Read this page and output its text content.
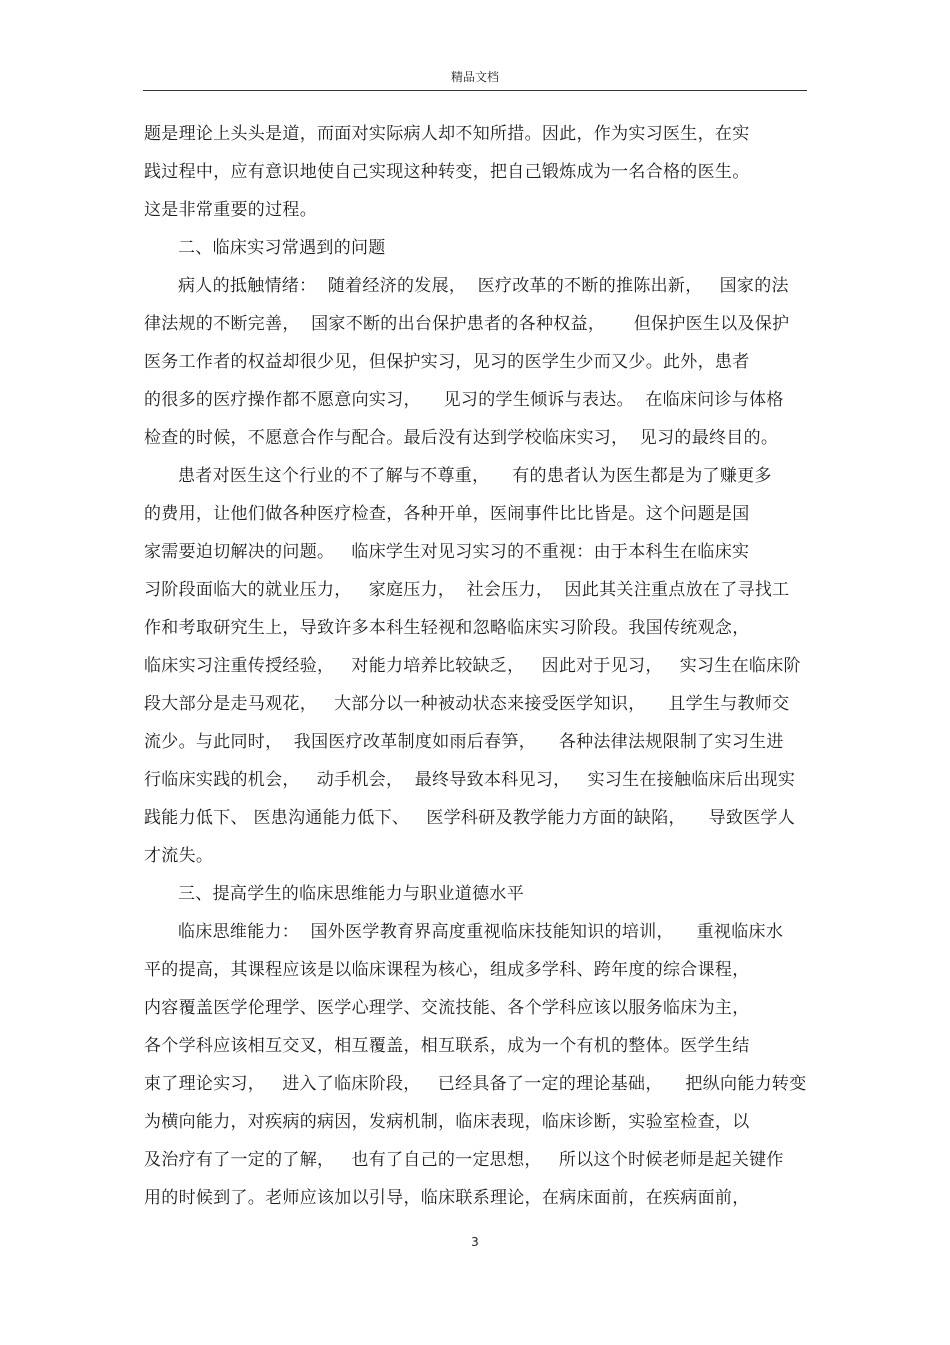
精品文档
题是理论上头头是道，而面对实际病人却不知所措。因此，作为实习医生，在实
践过程中，应有意识地使自己实现这种转变，把自己锻炼成为一名合格的医生。
这是非常重要的过程。
二、临床实习常遇到的问题
病人的抵触情绪：  随着经济的发展，  医疗改革的不断的推陈出新，   国家的法
律法规的不断完善，  国家不断的出台保护患者的各种权益，     但保护医生以及保护
医务工作者的权益却很少见，但保护实习，见习的医学生少而又少。此外，患者
的很多的医疗操作都不愿意向实习，    见习的学生倾诉与表达。  在临床问诊与体格
检查的时候，不愿意合作与配合。最后没有达到学校临床实习，  见习的最终目的。
患者对医生这个行业的不了解与不尊重，    有的患者认为医生都是为了赚更多
的费用，让他们做各种医疗检查，各种开单，医闹事件比比皆是。这个问题是国
家需要迫切解决的问题。   临床学生对见习实习的不重视：由于本科生在临床实
习阶段面临大的就业压力，   家庭压力，  社会压力，  因此其关注重点放在了寻找工
作和考取研究生上，导致许多本科生轻视和忽略临床实习阶段。我国传统观念，
临床实习注重传授经验，   对能力培养比较缺乏，   因此对于见习，   实习生在临床阶
段大部分是走马观花，   大部分以一种被动状态来接受医学知识，    且学生与教师交
流少。与此同时，  我国医疗改革制度如雨后春笋，    各种法律法规限制了实习生进
行临床实践的机会，   动手机会，  最终导致本科见习，   实习生在接触临床后出现实
践能力低下、 医患沟通能力低下、   医学科研及教学能力方面的缺陷，    导致医学人
才流失。
三、提高学生的临床思维能力与职业道德水平
临床思维能力：  国外医学教育界高度重视临床技能知识的培训，    重视临床水
平的提高，其课程应该是以临床课程为核心，组成多学科、跨年度的综合课程，
内容覆盖医学伦理学、医学心理学、交流技能、各个学科应该以服务临床为主，
各个学科应该相互交叉，相互覆盖，相互联系，成为一个有机的整体。医学生结
束了理论实习，   进入了临床阶段，   已经具备了一定的理论基础，    把纵向能力转变
为横向能力，对疾病的病因，发病机制，临床表现，临床诊断，实验室检查，以
及治疗有了一定的了解，   也有了自己的一定思想，   所以这个时候老师是起关键作
用的时候到了。老师应该加以引导，临床联系理论，在病床面前，在疾病面前，
3
